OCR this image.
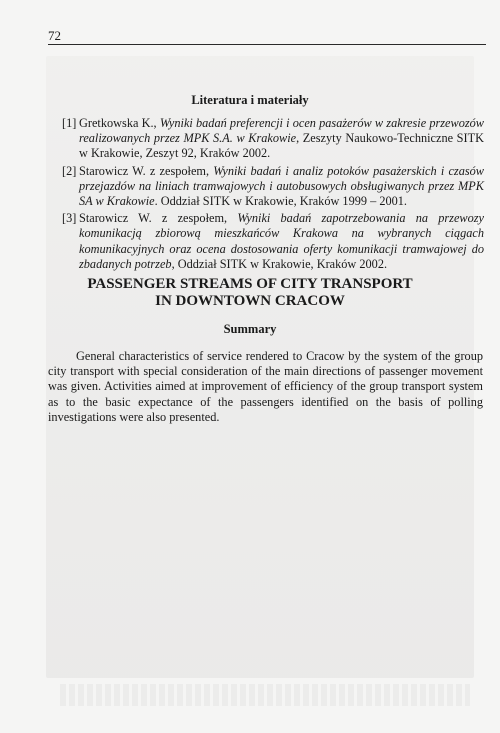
72
Literatura i materiały
[1] Gretkowska K., Wyniki badań preferencji i ocen pasażerów w zakresie przewozów realizowanych przez MPK S.A. w Krakowie, Zeszyty Naukowo-Techniczne SITK w Krakowie, Zeszyt 92, Kraków 2002.
[2] Starowicz W. z zespołem, Wyniki badań i analiz potoków pasażerskich i czasów przejazdów na liniach tramwajowych i autobusowych obsługiwanych przez MPK SA w Krakowie. Oddział SITK w Krakowie, Kraków 1999 – 2001.
[3] Starowicz W. z zespołem, Wyniki badań zapotrzebowania na przewozy komunikacją zbiorową mieszkańców Krakowa na wybranych ciągach komunikacyjnych oraz ocena dostosowania oferty komunikacji tramwajowej do zbadanych potrzeb, Oddział SITK w Krakowie, Kraków 2002.
PASSENGER STREAMS OF CITY TRANSPORT
IN DOWNTOWN CRACOW
Summary

General characteristics of service rendered to Cracow by the system of the group city transport with special consideration of the main directions of passenger movement was given. Activities aimed at improvement of efficiency of the group transport system as to the basic expectance of the passengers identified on the basis of polling investigations were also presented.
